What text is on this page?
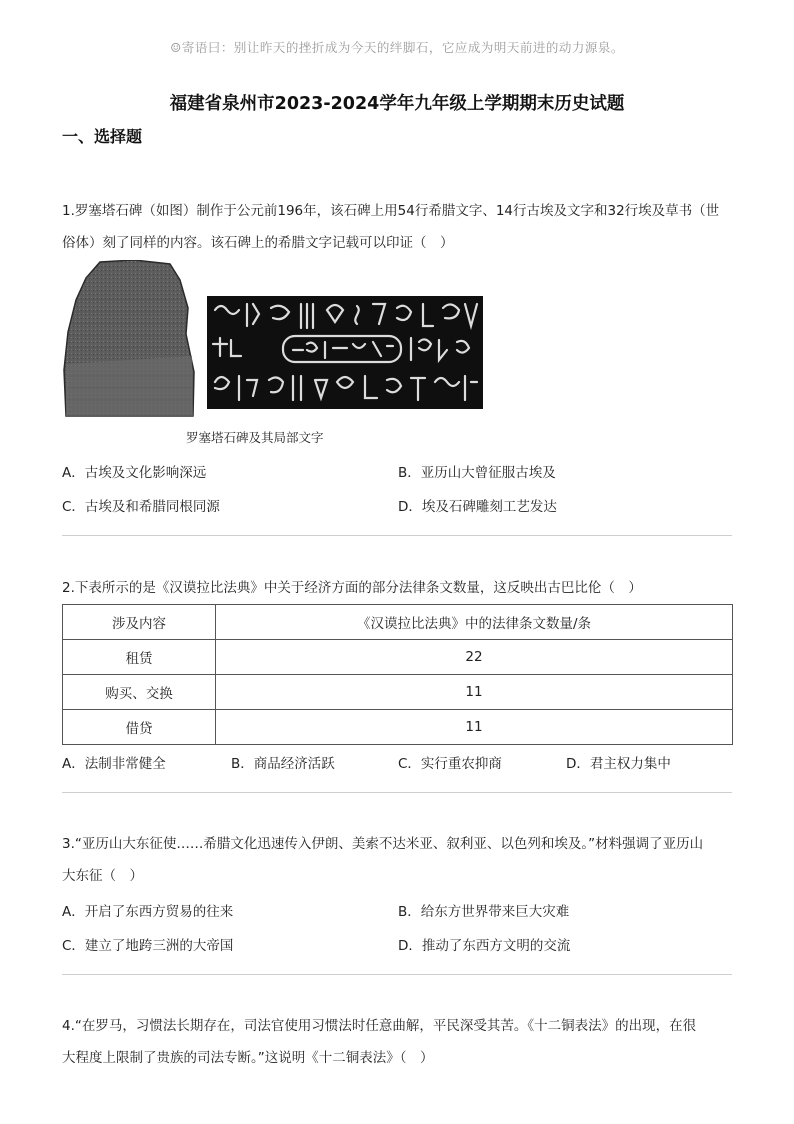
☺寄语曰：别让昨天的挫折成为今天的绊脚石，它应成为明天前进的动力源泉。
福建省泉州市2023-2024学年九年级上学期期末历史试题
一、选择题
1.罗塞塔石碑（如图）制作于公元前196年，该石碑上用54行希腊文字、14行古埃及文字和32行埃及草书（世
俗体）刻了同样的内容。该石碑上的希腊文字记载可以印证（　）
罗塞塔石碑及其局部文字
A．古埃及文化影响深远	B．亚历山大曾征服古埃及
C．古埃及和希腊同根同源	D．埃及石碑雕刻工艺发达
2.下表所示的是《汉谟拉比法典》中关于经济方面的部分法律条文数量，这反映出古巴比伦（　）
涉及内容	《汉谟拉比法典》中的法律条文数量/条
租赁	22
购买、交换	11
借贷	11
A．法制非常健全	B．商品经济活跃	C．实行重农抑商	D．君主权力集中
3.“亚历山大东征使……希腊文化迅速传入伊朗、美索不达米亚、叙利亚、以色列和埃及。”材料强调了亚历山
大东征（　）
A．开启了东西方贸易的往来	B．给东方世界带来巨大灾难
C．建立了地跨三洲的大帝国	D．推动了东西方文明的交流
4.“在罗马，习惯法长期存在，司法官使用习惯法时任意曲解，平民深受其苦。《十二铜表法》的出现，在很
大程度上限制了贵族的司法专断。”这说明《十二铜表法》（　）
